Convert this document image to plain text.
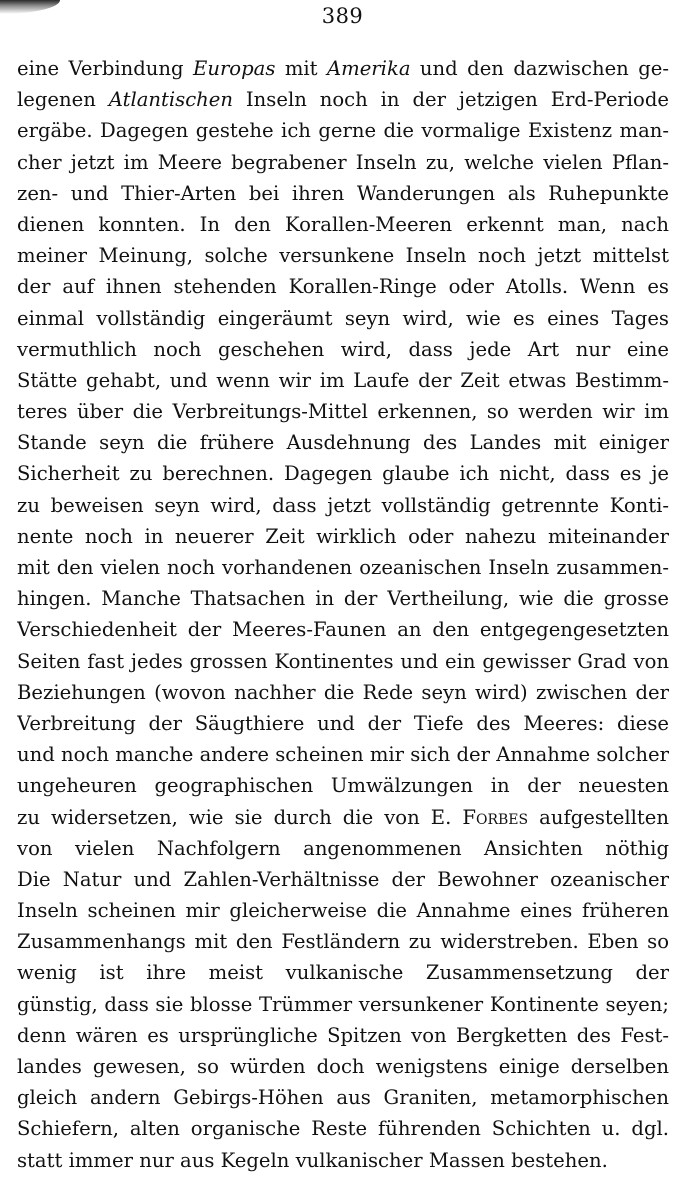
389
eine Verbindung Europas mit Amerika und den dazwischen ge-
legenen Atlantischen Inseln noch in der jetzigen Erd-Periode
ergäbe. Dagegen gestehe ich gerne die vormalige Existenz man-
cher jetzt im Meere begrabener Inseln zu, welche vielen Pflan-
zen- und Thier-Arten bei ihren Wanderungen als Ruhepunkte
dienen konnten. In den Korallen-Meeren erkennt man, nach
meiner Meinung, solche versunkene Inseln noch jetzt mittelst
der auf ihnen stehenden Korallen-Ringe oder Atolls. Wenn es
einmal vollständig eingeräumt seyn wird, wie es eines Tages
vermuthlich noch geschehen wird, dass jede Art nur eine
Stätte gehabt, und wenn wir im Laufe der Zeit etwas Bestimm-
teres über die Verbreitungs-Mittel erkennen, so werden wir im
Stande seyn die frühere Ausdehnung des Landes mit einiger
Sicherheit zu berechnen. Dagegen glaube ich nicht, dass es je
zu beweisen seyn wird, dass jetzt vollständig getrennte Konti-
nente noch in neuerer Zeit wirklich oder nahezu miteinander
mit den vielen noch vorhandenen ozeanischen Inseln zusammen-
hingen. Manche Thatsachen in der Vertheilung, wie die grosse
Verschiedenheit der Meeres-Faunen an den entgegengesetzten
Seiten fast jedes grossen Kontinentes und ein gewisser Grad von
Beziehungen (wovon nachher die Rede seyn wird) zwischen der
Verbreitung der Säugthiere und der Tiefe des Meeres: diese
und noch manche andere scheinen mir sich der Annahme solcher
ungeheuren geographischen Umwälzungen in der neuesten
zu widersetzen, wie sie durch die von E. Forbes aufgestellten
von vielen Nachfolgern angenommenen Ansichten nöthig
Die Natur und Zahlen-Verhältnisse der Bewohner ozeanischer
Inseln scheinen mir gleicherweise die Annahme eines früheren
Zusammenhangs mit den Festländern zu widerstreben. Eben so
wenig ist ihre meist vulkanische Zusammensetzung der
günstig, dass sie blosse Trümmer versunkener Kontinente seyen;
denn wären es ursprüngliche Spitzen von Bergketten des Fest-
landes gewesen, so würden doch wenigstens einige derselben
gleich andern Gebirgs-Höhen aus Graniten, metamorphischen
Schiefern, alten organische Reste führenden Schichten u. dgl.
statt immer nur aus Kegeln vulkanischer Massen bestehen.
